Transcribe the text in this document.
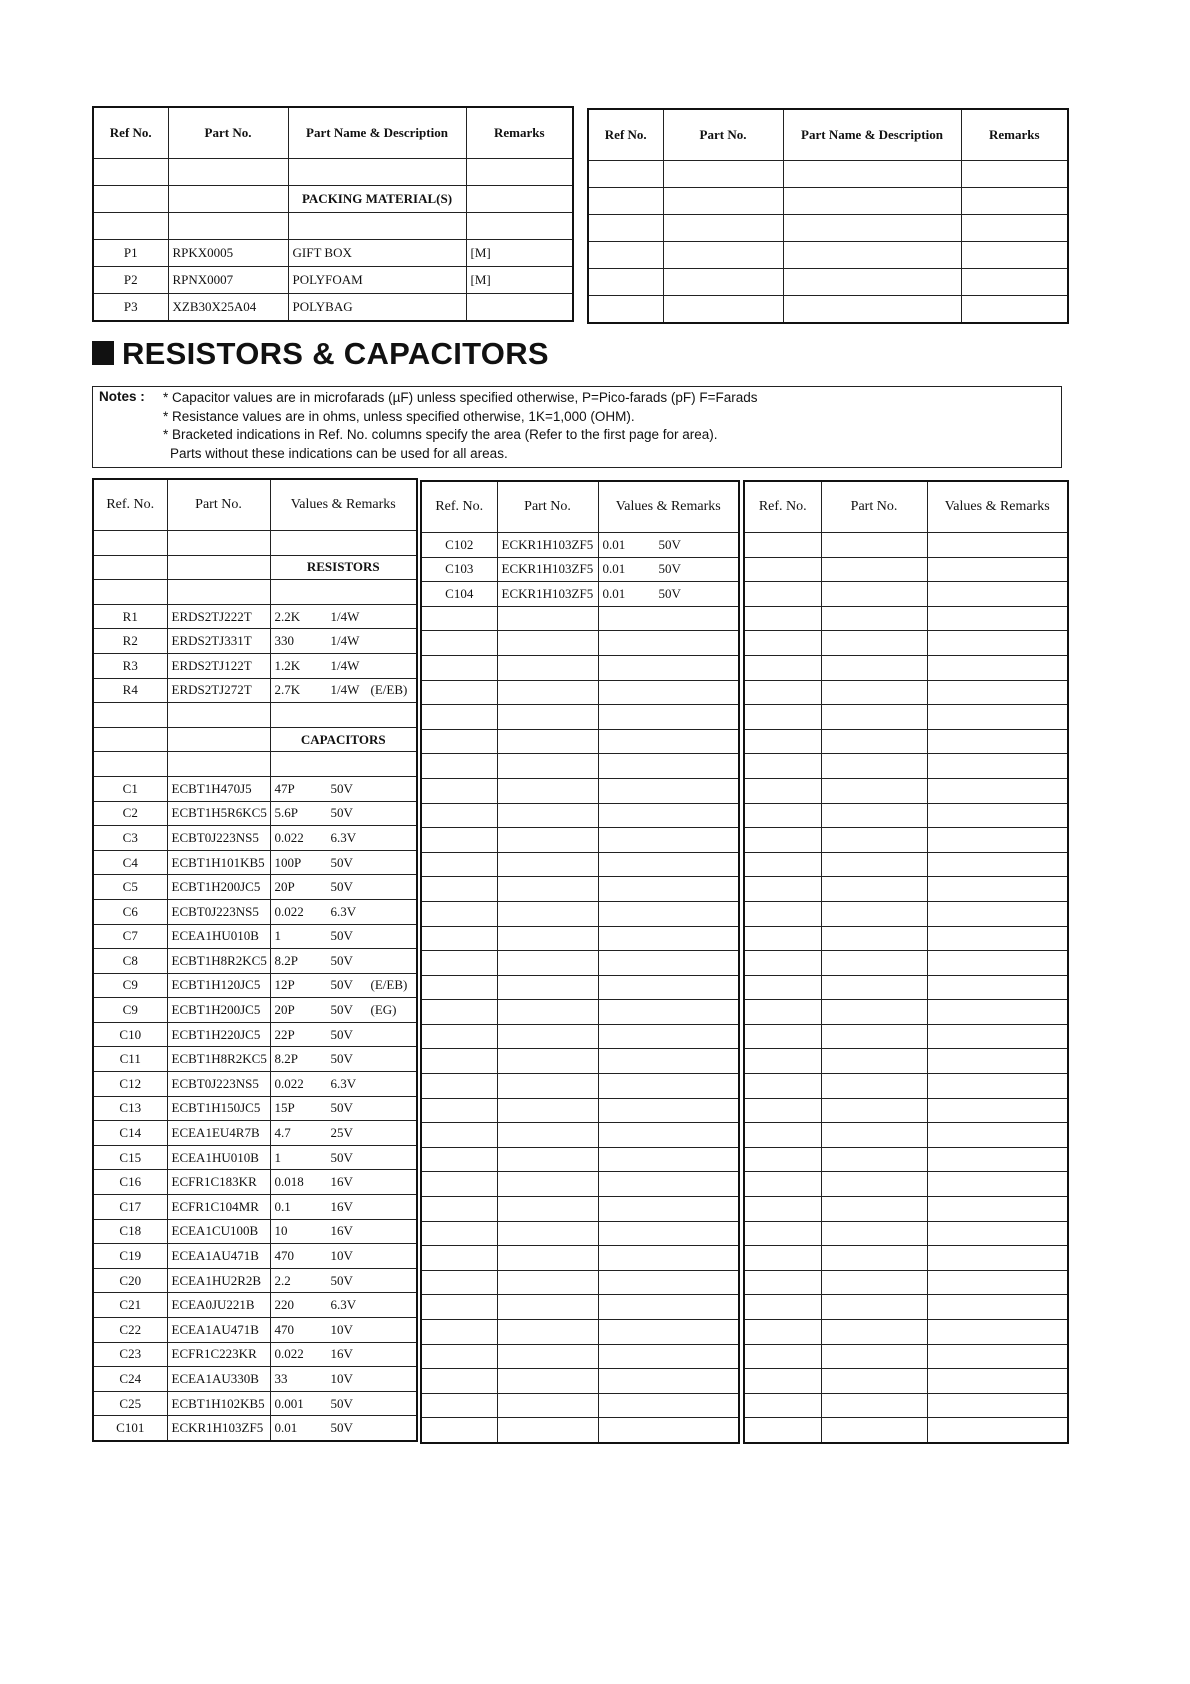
Ref No.	Part No.	Part Name & Description	Remarks

		PACKING MATERIAL(S)	

P1	RPKX0005	GIFT BOX	[M]
P2	RPNX0007	POLYFOAM	[M]
P3	XZB30X25A04	POLYBAG	
Ref No.	Part No.	Part Name & Description	Remarks

RESISTORS & CAPACITORS
Notes : * Capacitor values are in microfarads (µF) unless specified otherwise, P=Pico-farads (pF) F=Farads
* Resistance values are in ohms, unless specified otherwise, 1K=1,000 (OHM).
* Bracketed indications in Ref. No. columns specify the area (Refer to the first page for area).
Parts without these indications can be used for all areas.
Ref. No.	Part No.	Values & Remarks

		RESISTORS

R1	ERDS2TJ222T	2.2K 1/4W
R2	ERDS2TJ331T	330 1/4W
R3	ERDS2TJ122T	1.2K 1/4W
R4	ERDS2TJ272T	2.7K 1/4W (E/EB)

		CAPACITORS

C1	ECBT1H470J5	47P 50V
C2	ECBT1H5R6KC5	5.6P 50V
C3	ECBT0J223NS5	0.022 6.3V
C4	ECBT1H101KB5	100P 50V
C5	ECBT1H200JC5	20P 50V
C6	ECBT0J223NS5	0.022 6.3V
C7	ECEA1HU010B	1 50V
C8	ECBT1H8R2KC5	8.2P 50V
C9	ECBT1H120JC5	12P 50V (E/EB)
C9	ECBT1H200JC5	20P 50V (EG)
C10	ECBT1H220JC5	22P 50V
C11	ECBT1H8R2KC5	8.2P 50V
C12	ECBT0J223NS5	0.022 6.3V
C13	ECBT1H150JC5	15P 50V
C14	ECEA1EU4R7B	4.7 25V
C15	ECEA1HU010B	1 50V
C16	ECFR1C183KR	0.018 16V
C17	ECFR1C104MR	0.1 16V
C18	ECEA1CU100B	10 16V
C19	ECEA1AU471B	470 10V
C20	ECEA1HU2R2B	2.2 50V
C21	ECEA0JU221B	220 6.3V
C22	ECEA1AU471B	470 10V
C23	ECFR1C223KR	0.022 16V
C24	ECEA1AU330B	33 10V
C25	ECBT1H102KB5	0.001 50V
C101	ECKR1H103ZF5	0.01 50V
Ref. No.	Part No.	Values & Remarks
C102	ECKR1H103ZF5	0.01 50V
C103	ECKR1H103ZF5	0.01 50V
C104	ECKR1H103ZF5	0.01 50V

Ref. No.	Part No.	Values & Remarks
